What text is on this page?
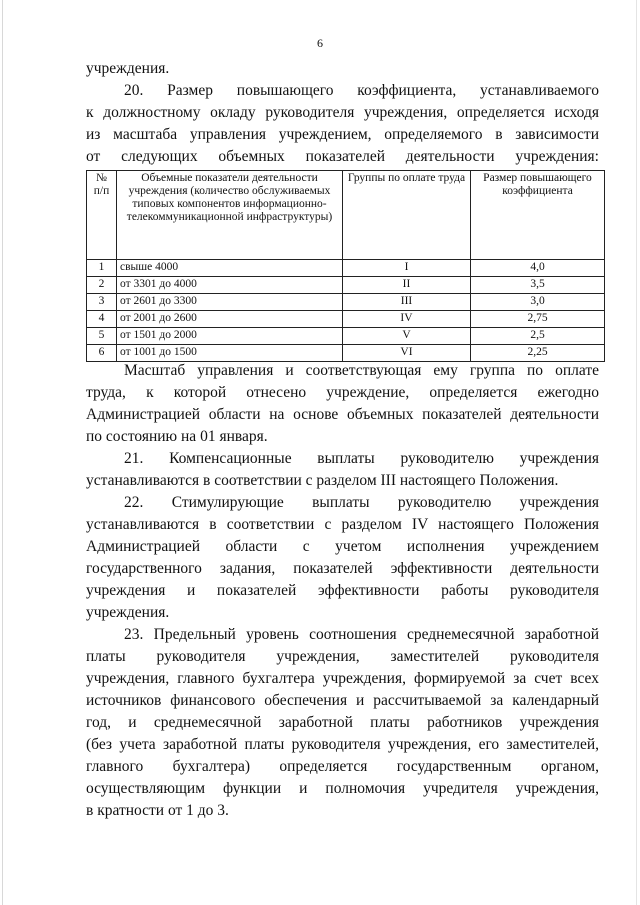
6

учреждения.

20. Размер повышающего коэффициента, устанавливаемого

к должностному окладу руководителя учреждения, определяется исходя

из масштаба управления учреждением, определяемого в зависимости

от следующих объемных показателей деятельности учреждения:

№ п/п	Объемные показатели деятельности учреждения (количество обслуживаемых типовых компонентов информационно-телекоммуникационной инфраструктуры)	Группы по оплате труда	Размер повышающего коэффициента
1	свыше 4000	I	4,0
2	от 3301 до 4000	II	3,5
3	от 2601 до 3300	III	3,0
4	от 2001 до 2600	IV	2,75
5	от 1501 до 2000	V	2,5
6	от 1001 до 1500	VI	2,25

Масштаб управления и соответствующая ему группа по оплате

труда, к которой отнесено учреждение, определяется ежегодно

Администрацией области на основе объемных показателей деятельности

по состоянию на 01 января.

21. Компенсационные выплаты руководителю учреждения

устанавливаются в соответствии с разделом III настоящего Положения.

22. Стимулирующие выплаты руководителю учреждения

устанавливаются в соответствии с разделом IV настоящего Положения

Администрацией области с учетом исполнения учреждением

государственного задания, показателей эффективности деятельности

учреждения и показателей эффективности работы руководителя

учреждения.

23. Предельный уровень соотношения среднемесячной заработной

платы руководителя учреждения, заместителей руководителя

учреждения, главного бухгалтера учреждения, формируемой за счет всех

источников финансового обеспечения и рассчитываемой за календарный

год, и среднемесячной заработной платы работников учреждения

(без учета заработной платы руководителя учреждения, его заместителей,

главного бухгалтера) определяется государственным органом,

осуществляющим функции и полномочия учредителя учреждения,

в кратности от 1 до 3.
